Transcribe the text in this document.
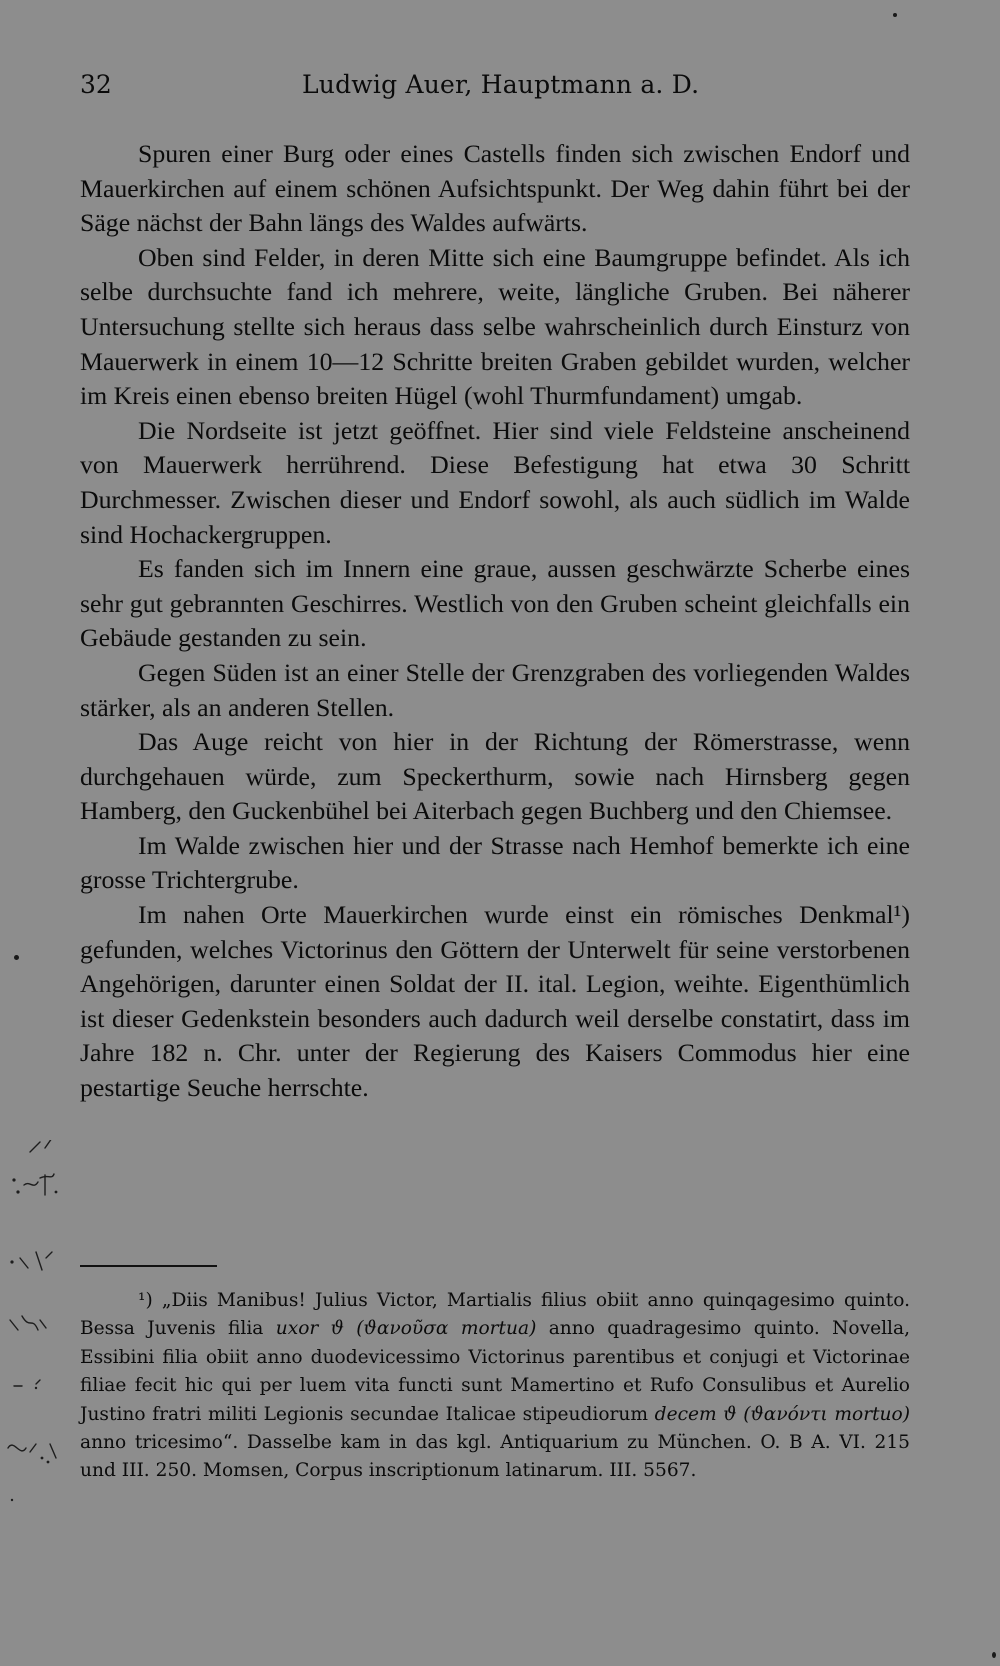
32	Ludwig Auer, Hauptmann a. D.

Spuren einer Burg oder eines Castells finden sich zwischen Endorf und Mauerkirchen auf einem schönen Aufsichtspunkt. Der Weg dahin führt bei der Säge nächst der Bahn längs des Waldes aufwärts.

Oben sind Felder, in deren Mitte sich eine Baumgruppe befindet. Als ich selbe durchsuchte fand ich mehrere, weite, längliche Gruben. Bei näherer Untersuchung stellte sich heraus dass selbe wahrscheinlich durch Einsturz von Mauerwerk in einem 10—12 Schritte breiten Graben gebildet wurden, welcher im Kreis einen ebenso breiten Hügel (wohl Thurmfundament) umgab.

Die Nordseite ist jetzt geöffnet. Hier sind viele Feldsteine anscheinend von Mauerwerk herrührend. Diese Befestigung hat etwa 30 Schritt Durchmesser. Zwischen dieser und Endorf sowohl, als auch südlich im Walde sind Hochackergruppen.

Es fanden sich im Innern eine graue, aussen geschwärzte Scherbe eines sehr gut gebrannten Geschirres. Westlich von den Gruben scheint gleichfalls ein Gebäude gestanden zu sein.

Gegen Süden ist an einer Stelle der Grenzgraben des vorliegenden Waldes stärker, als an anderen Stellen.

Das Auge reicht von hier in der Richtung der Römerstrasse, wenn durchgehauen würde, zum Speckerthurm, sowie nach Hirnsberg gegen Hamberg, den Guckenbühel bei Aiterbach gegen Buchberg und den Chiemsee.

Im Walde zwischen hier und der Strasse nach Hemhof bemerkte ich eine grosse Trichtergrube.

Im nahen Orte Mauerkirchen wurde einst ein römisches Denkmal¹) gefunden, welches Victorinus den Göttern der Unterwelt für seine verstorbenen Angehörigen, darunter einen Soldat der II. ital. Legion, weihte. Eigenthümlich ist dieser Gedenkstein besonders auch dadurch weil derselbe constatirt, dass im Jahre 182 n. Chr. unter der Regierung des Kaisers Commodus hier eine pestartige Seuche herrschte.

¹) „Diis Manibus! Julius Victor, Martialis filius obiit anno quinqagesimo quinto. Bessa Juvenis filia uxor ϑ (ϑανοῦσα mortua) anno quadragesimo quinto. Novella, Essibini filia obiit anno duodevicessimo Victorinus parentibus et conjugi et Victorinae filiae fecit hic qui per luem vita functi sunt Mamertino et Rufo Consulibus et Aurelio Justino fratri militi Legionis secundae Italicae stipeudiorum decem ϑ (ϑανόντι mortuo) anno tricesimo“. Dasselbe kam in das kgl. Antiquarium zu München. O. B A. VI. 215 und III. 250. Momsen, Corpus inscriptionum latinarum. III. 5567.
